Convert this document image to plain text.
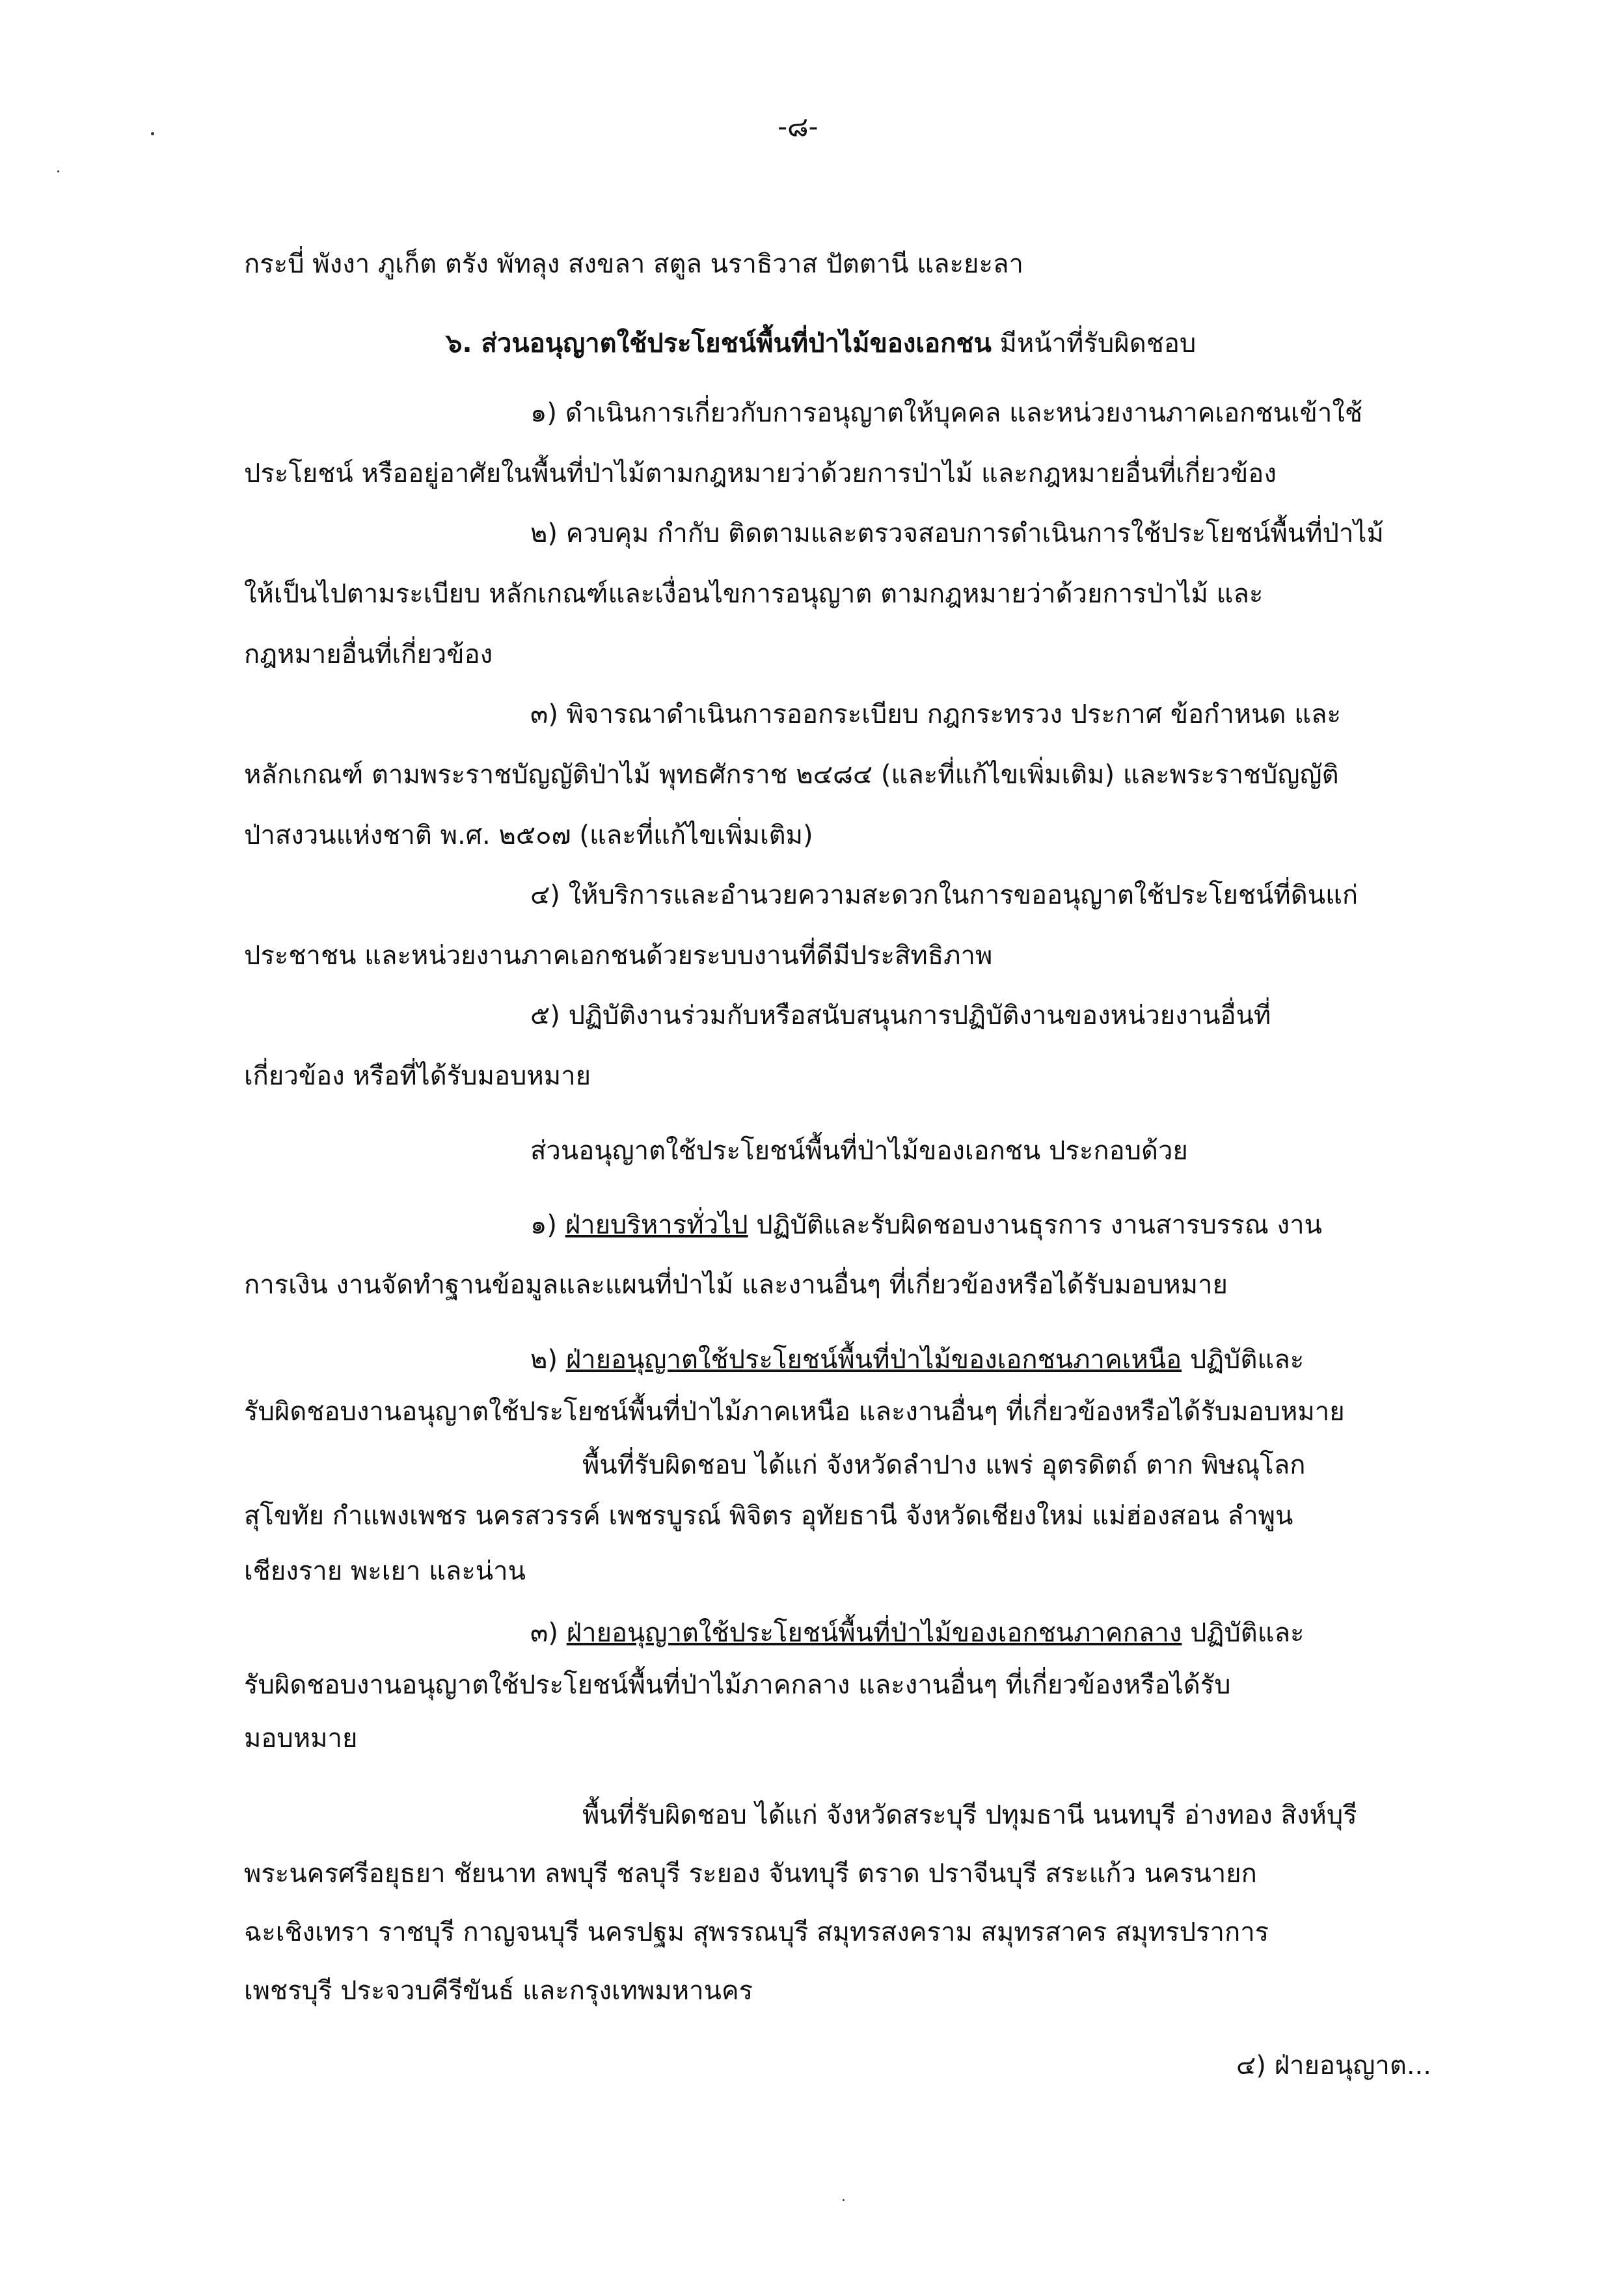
-๘-
กระบี่ พังงา ภูเก็ต ตรัง พัทลุง สงขลา สตูล นราธิวาส ปัตตานี และยะลา
๖. ส่วนอนุญาตใช้ประโยชน์พื้นที่ป่าไม้ของเอกชน มีหน้าที่รับผิดชอบ
๑) ดำเนินการเกี่ยวกับการอนุญาตให้บุคคล และหน่วยงานภาคเอกชนเข้าใช้
ประโยชน์ หรืออยู่อาศัยในพื้นที่ป่าไม้ตามกฎหมายว่าด้วยการป่าไม้ และกฎหมายอื่นที่เกี่ยวข้อง
๒) ควบคุม กำกับ ติดตามและตรวจสอบการดำเนินการใช้ประโยชน์พื้นที่ป่าไม้
ให้เป็นไปตามระเบียบ หลักเกณฑ์และเงื่อนไขการอนุญาต ตามกฎหมายว่าด้วยการป่าไม้ และ
กฎหมายอื่นที่เกี่ยวข้อง
๓) พิจารณาดำเนินการออกระเบียบ กฎกระทรวง ประกาศ ข้อกำหนด และ
หลักเกณฑ์ ตามพระราชบัญญัติป่าไม้ พุทธศักราช ๒๔๘๔ (และที่แก้ไขเพิ่มเติม) และพระราชบัญญัติ
ป่าสงวนแห่งชาติ พ.ศ. ๒๕๐๗ (และที่แก้ไขเพิ่มเติม)
๔) ให้บริการและอำนวยความสะดวกในการขออนุญาตใช้ประโยชน์ที่ดินแก่
ประชาชน และหน่วยงานภาคเอกชนด้วยระบบงานที่ดีมีประสิทธิภาพ
๕) ปฏิบัติงานร่วมกับหรือสนับสนุนการปฏิบัติงานของหน่วยงานอื่นที่
เกี่ยวข้อง หรือที่ได้รับมอบหมาย
ส่วนอนุญาตใช้ประโยชน์พื้นที่ป่าไม้ของเอกชน ประกอบด้วย
๑) ฝ่ายบริหารทั่วไป ปฏิบัติและรับผิดชอบงานธุรการ งานสารบรรณ งาน
การเงิน งานจัดทำฐานข้อมูลและแผนที่ป่าไม้ และงานอื่นๆ ที่เกี่ยวข้องหรือได้รับมอบหมาย
๒) ฝ่ายอนุญาตใช้ประโยชน์พื้นที่ป่าไม้ของเอกชนภาคเหนือ ปฏิบัติและ
รับผิดชอบงานอนุญาตใช้ประโยชน์พื้นที่ป่าไม้ภาคเหนือ และงานอื่นๆ ที่เกี่ยวข้องหรือได้รับมอบหมาย
พื้นที่รับผิดชอบ ได้แก่ จังหวัดลำปาง แพร่ อุตรดิตถ์ ตาก พิษณุโลก
สุโขทัย กำแพงเพชร นครสวรรค์ เพชรบูรณ์ พิจิตร อุทัยธานี จังหวัดเชียงใหม่ แม่ฮ่องสอน ลำพูน
เชียงราย พะเยา และน่าน
๓) ฝ่ายอนุญาตใช้ประโยชน์พื้นที่ป่าไม้ของเอกชนภาคกลาง ปฏิบัติและ
รับผิดชอบงานอนุญาตใช้ประโยชน์พื้นที่ป่าไม้ภาคกลาง และงานอื่นๆ ที่เกี่ยวข้องหรือได้รับ
มอบหมาย
พื้นที่รับผิดชอบ ได้แก่ จังหวัดสระบุรี ปทุมธานี นนทบุรี อ่างทอง สิงห์บุรี
พระนครศรีอยุธยา ชัยนาท ลพบุรี ชลบุรี ระยอง จันทบุรี ตราด ปราจีนบุรี สระแก้ว นครนายก
ฉะเชิงเทรา ราชบุรี กาญจนบุรี นครปฐม สุพรรณบุรี สมุทรสงคราม สมุทรสาคร สมุทรปราการ
เพชรบุรี ประจวบคีรีขันธ์ และกรุงเทพมหานคร
๔) ฝ่ายอนุญาต...
